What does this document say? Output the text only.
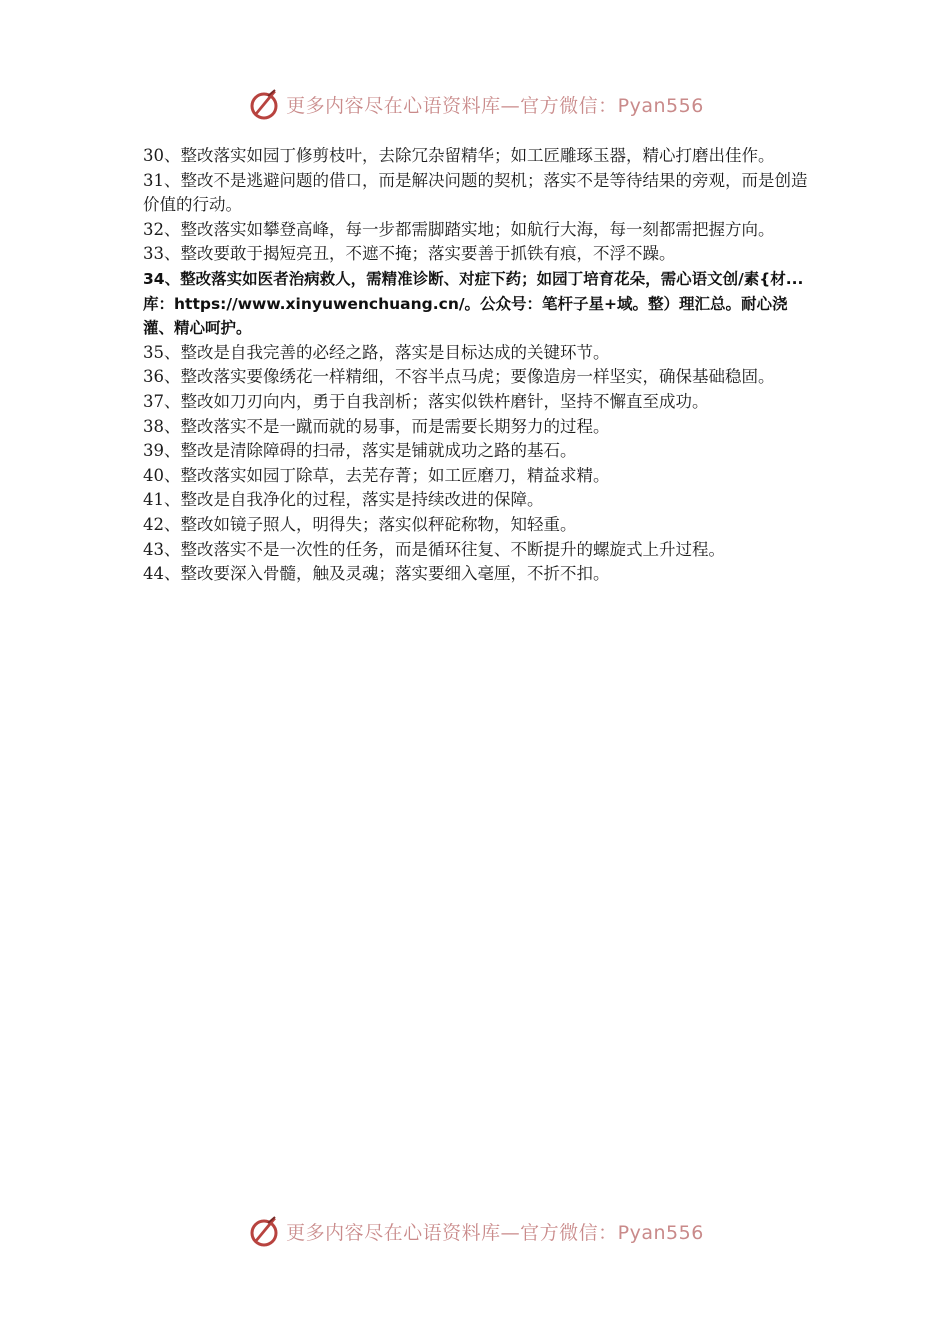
更多内容尽在心语资料库—官方微信：Pyan556

30、整改落实如园丁修剪枝叶，去除冗杂留精华；如工匠雕琢玉器，精心打磨出佳作。

31、整改不是逃避问题的借口，而是解决问题的契机；落实不是等待结果的旁观，而是创造价值的行动。

32、整改落实如攀登高峰，每一步都需脚踏实地；如航行大海，每一刻都需把握方向。

33、整改要敢于揭短亮丑，不遮不掩；落实要善于抓铁有痕，不浮不躁。

34、整改落实如医者治病救人，需精准诊断、对症下药；如园丁培育花朵，需心语文创/素{材...库：https://www.xinyuwenchuang.cn/。公众号：笔杆子星+域。整）理汇总。耐心浇灌、精心呵护。

35、整改是自我完善的必经之路，落实是目标达成的关键环节。

36、整改落实要像绣花一样精细，不容半点马虎；要像造房一样坚实，确保基础稳固。

37、整改如刀刃向内，勇于自我剖析；落实似铁杵磨针，坚持不懈直至成功。

38、整改落实不是一蹴而就的易事，而是需要长期努力的过程。

39、整改是清除障碍的扫帚，落实是铺就成功之路的基石。

40、整改落实如园丁除草，去芜存菁；如工匠磨刀，精益求精。

41、整改是自我净化的过程，落实是持续改进的保障。

42、整改如镜子照人，明得失；落实似秤砣称物，知轻重。

43、整改落实不是一次性的任务，而是循环往复、不断提升的螺旋式上升过程。

44、整改要深入骨髓，触及灵魂；落实要细入毫厘，不折不扣。

更多内容尽在心语资料库—官方微信：Pyan556
